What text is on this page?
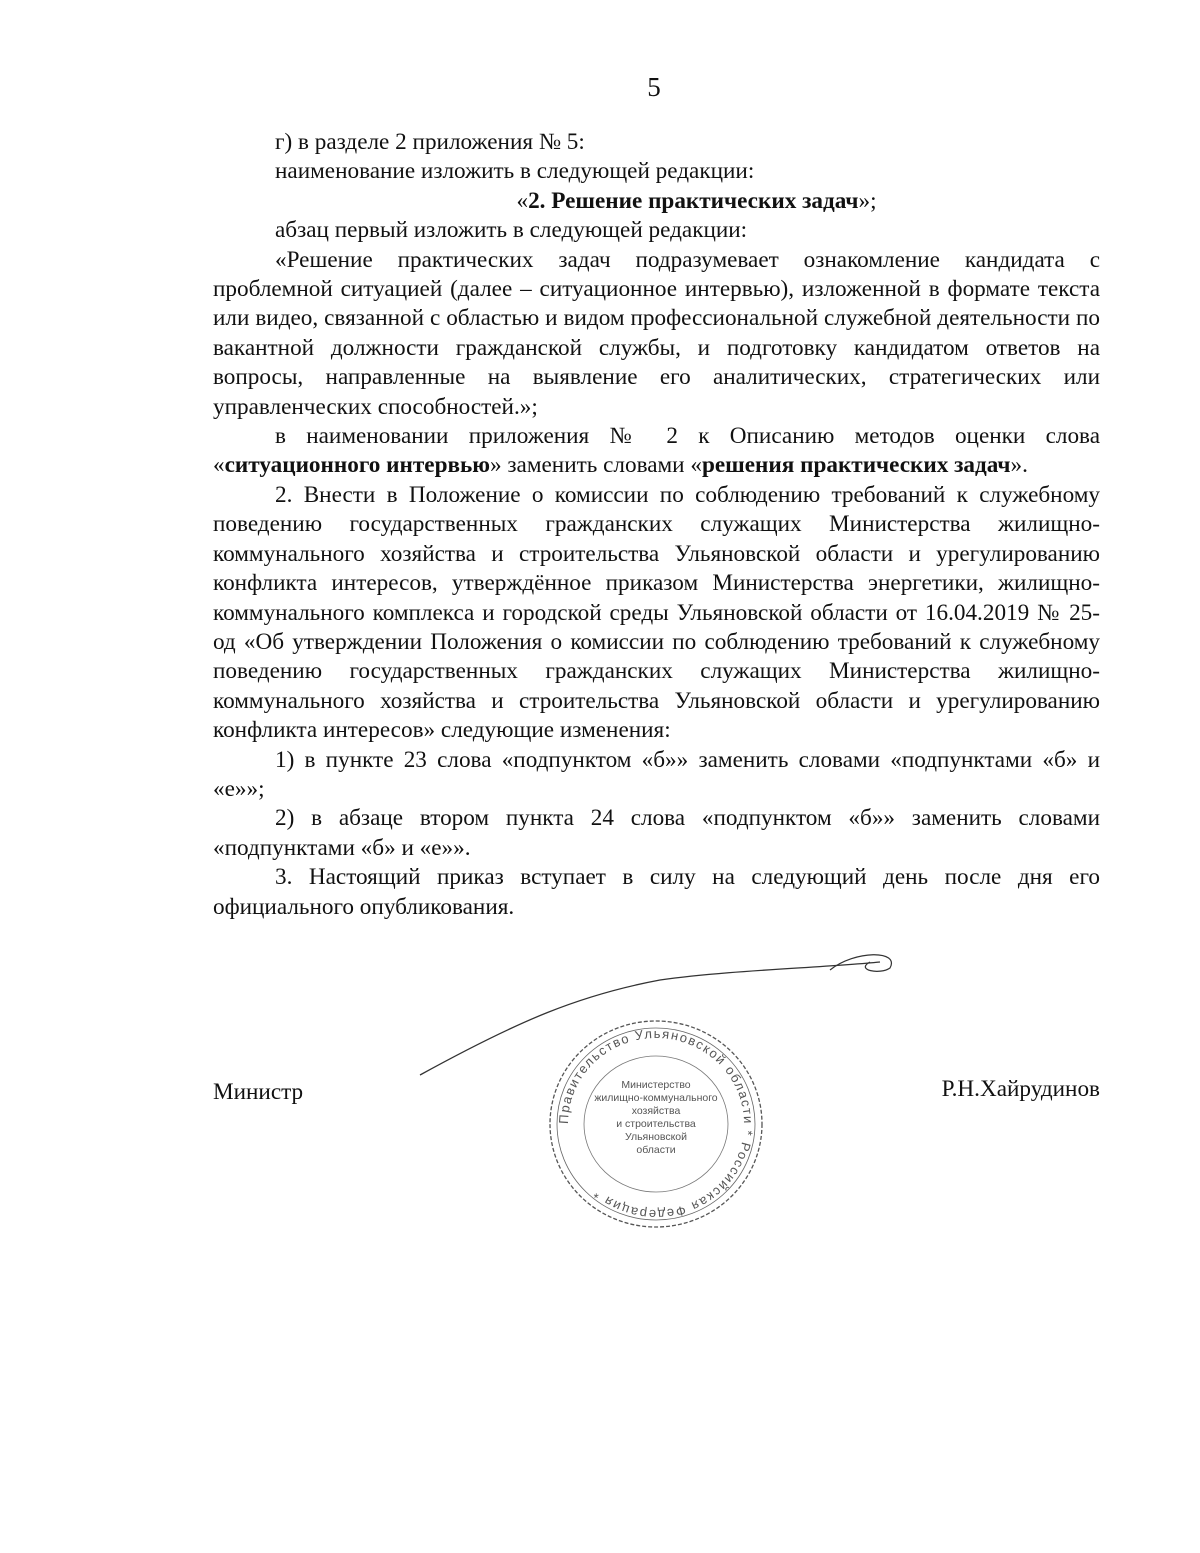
5

г) в разделе 2 приложения № 5:

наименование изложить в следующей редакции:

«2. Решение практических задач»;

абзац первый изложить в следующей редакции:

«Решение практических задач подразумевает ознакомление кандидата с проблемной ситуацией (далее – ситуационное интервью), изложенной в формате текста или видео, связанной с областью и видом профессиональной служебной деятельности по вакантной должности гражданской службы, и подготовку кандидатом ответов на вопросы, направленные на выявление его аналитических, стратегических или управленческих способностей.»;

в наименовании приложения № 2 к Описанию методов оценки слова «ситуационного интервью» заменить словами «решения практических задач».

2. Внести в Положение о комиссии по соблюдению требований к служебному поведению государственных гражданских служащих Министерства жилищно-коммунального хозяйства и строительства Ульяновской области и урегулированию конфликта интересов, утверждённое приказом Министерства энергетики, жилищно-коммунального комплекса и городской среды Ульяновской области от 16.04.2019 № 25-од «Об утверждении Положения о комиссии по соблюдению требований к служебному поведению государственных гражданских служащих Министерства жилищно-коммунального хозяйства и строительства Ульяновской области и урегулированию конфликта интересов» следующие изменения:

1) в пункте 23 слова «подпунктом «б»» заменить словами «подпунктами «б» и «е»»;

2) в абзаце втором пункта 24 слова «подпунктом «б»» заменить словами «подпунктами «б» и «е»».

3. Настоящий приказ вступает в силу на следующий день после дня его официального опубликования.

Министр	Р.Н.Хайрудинов
Правительство Ульяновской области * Российская Федерация *
Министерство
жилищно-коммунального
хозяйства
и строительства
Ульяновской
области
